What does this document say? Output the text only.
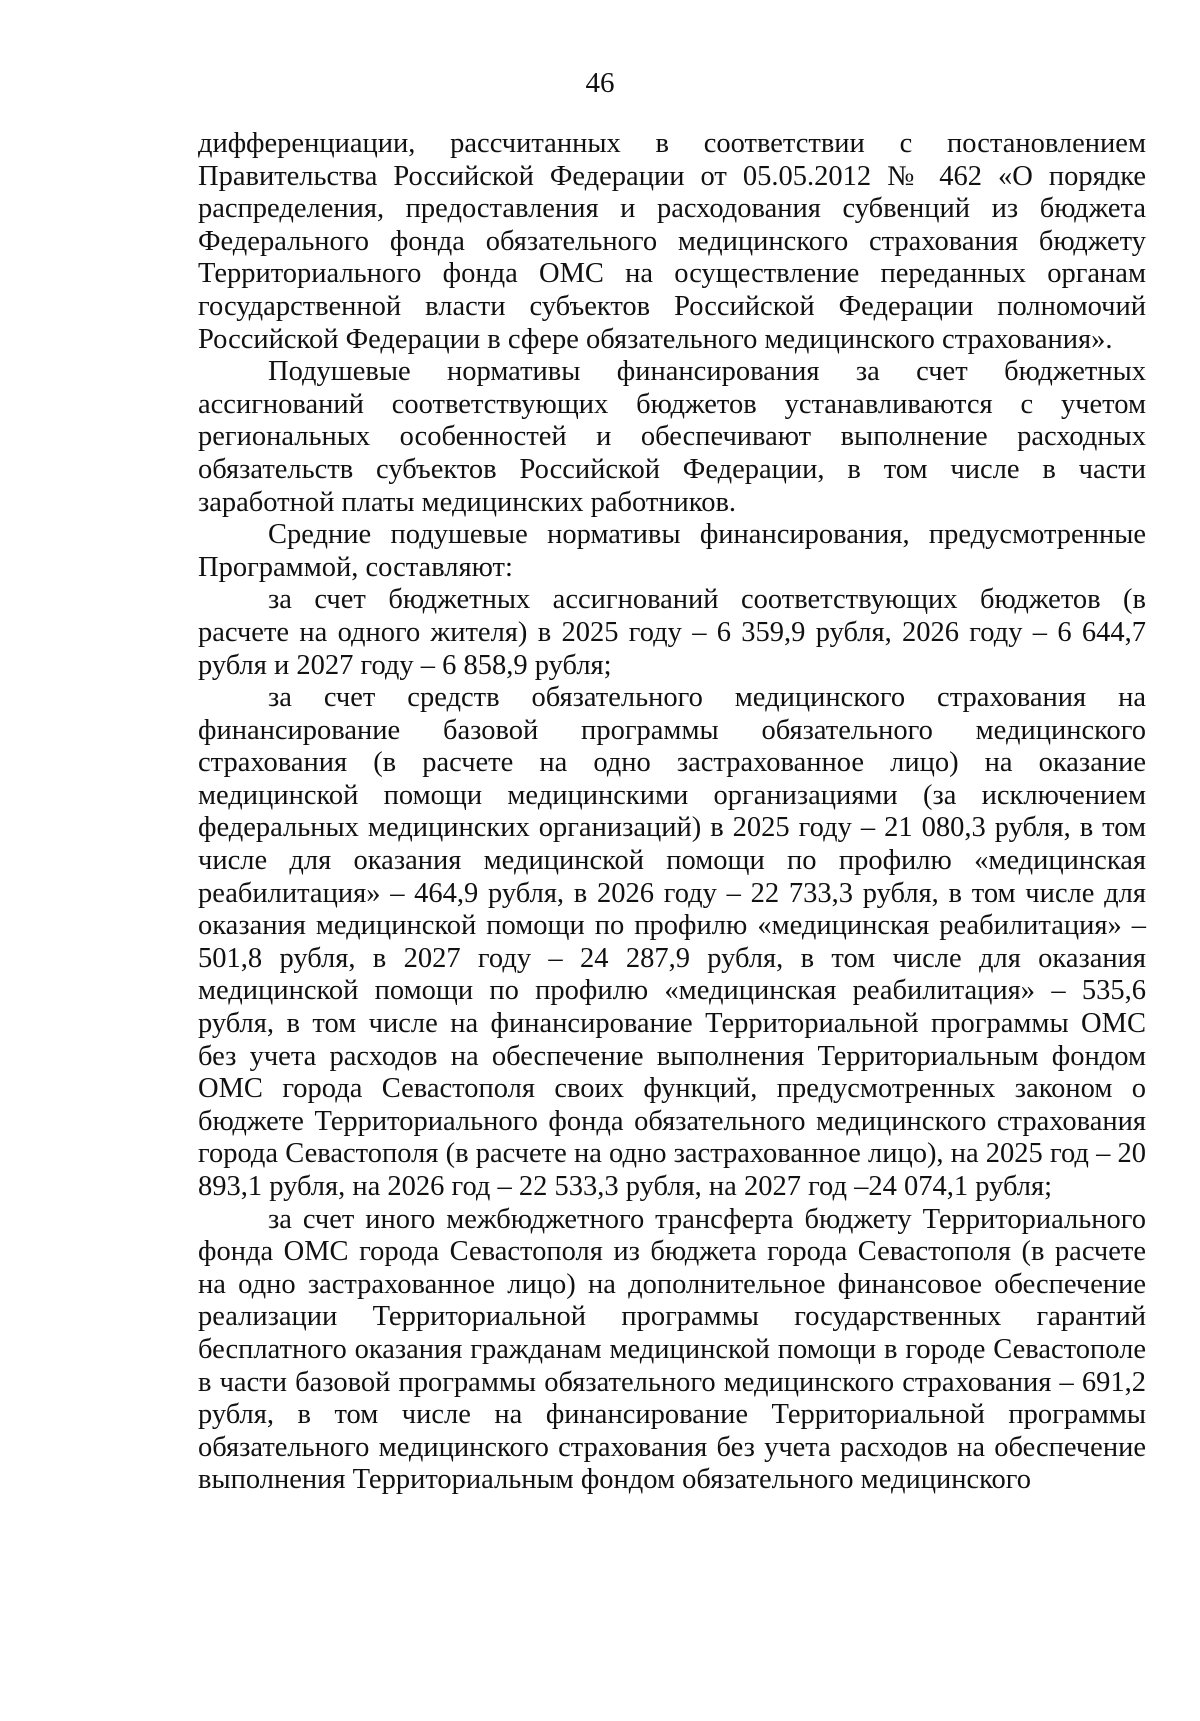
46

дифференциации, рассчитанных в соответствии с постановлением Правительства Российской Федерации от 05.05.2012 № 462 «О порядке распределения, предоставления и расходования субвенций из бюджета Федерального фонда обязательного медицинского страхования бюджету Территориального фонда ОМС на осуществление переданных органам государственной власти субъектов Российской Федерации полномочий Российской Федерации в сфере обязательного медицинского страхования».

Подушевые нормативы финансирования за счет бюджетных ассигнований соответствующих бюджетов устанавливаются с учетом региональных особенностей и обеспечивают выполнение расходных обязательств субъектов Российской Федерации, в том числе в части заработной платы медицинских работников.

Средние подушевые нормативы финансирования, предусмотренные Программой, составляют:

за счет бюджетных ассигнований соответствующих бюджетов (в расчете на одного жителя) в 2025 году – 6 359,9 рубля, 2026 году – 6 644,7 рубля и 2027 году – 6 858,9 рубля;

за счет средств обязательного медицинского страхования на финансирование базовой программы обязательного медицинского страхования (в расчете на одно застрахованное лицо) на оказание медицинской помощи медицинскими организациями (за исключением федеральных медицинских организаций) в 2025 году – 21 080,3 рубля, в том числе для оказания медицинской помощи по профилю «медицинская реабилитация» – 464,9 рубля, в 2026 году – 22 733,3 рубля, в том числе для оказания медицинской помощи по профилю «медицинская реабилитация» – 501,8 рубля, в 2027 году – 24 287,9 рубля, в том числе для оказания медицинской помощи по профилю «медицинская реабилитация» – 535,6 рубля, в том числе на финансирование Территориальной программы ОМС без учета расходов на обеспечение выполнения Территориальным фондом ОМС города Севастополя своих функций, предусмотренных законом о бюджете Территориального фонда обязательного медицинского страхования города Севастополя (в расчете на одно застрахованное лицо), на 2025 год – 20 893,1 рубля, на 2026 год – 22 533,3 рубля, на 2027 год –24 074,1 рубля;

за счет иного межбюджетного трансферта бюджету Территориального фонда ОМС города Севастополя из бюджета города Севастополя (в расчете на одно застрахованное лицо) на дополнительное финансовое обеспечение реализации Территориальной программы государственных гарантий бесплатного оказания гражданам медицинской помощи в городе Севастополе в части базовой программы обязательного медицинского страхования – 691,2 рубля, в том числе на финансирование Территориальной программы обязательного медицинского страхования без учета расходов на обеспечение выполнения Территориальным фондом обязательного медицинского
